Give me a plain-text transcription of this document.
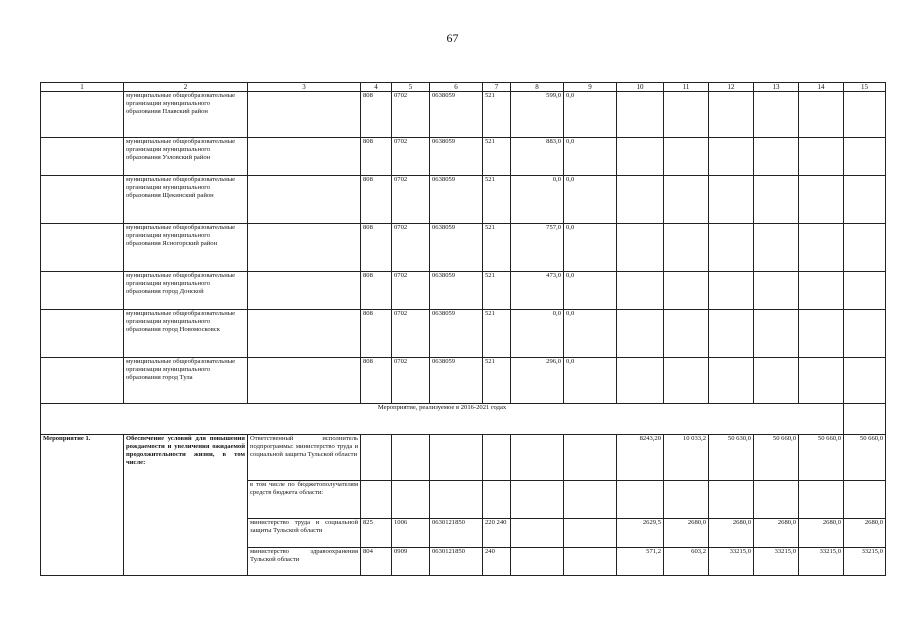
67
1	2	3	4	5	6	7	8	9	10	11	12	13	14	15
	муниципальные общеобразовательные организации муниципального образования Плавский район		808	0702	0638059	521	599,0	0,0						
	муниципальные общеобразовательные организации муниципального образования Узловский район		808	0702	0638059	521	883,0	0,0						
	муниципальные общеобразовательные организации муниципального образования Щекинский район		808	0702	0638059	521	0,0	0,0						
	муниципальные общеобразовательные организации муниципального образования Ясногорский район		808	0702	0638059	521	757,0	0,0						
	муниципальные общеобразовательные организации муниципального образования город Донской		808	0702	0638059	521	473,0	0,0						
	муниципальные общеобразовательные организации муниципального образования город Новомосковск		808	0702	0638059	521	0,0	0,0						
	муниципальные общеобразовательные организации муниципального образования город Тула		808	0702	0638059	521	296,0	0,0						
Мероприятие, реализуемое в 2016-2021 годах														
Мероприятие 1.	Обеспечение условий для повышения рождаемости и увеличения ожидаемой продолжительности жизни, в том числе:	Ответственный исполнитель подпрограммы: министерство труда и социальной защиты Тульской области							8243,20	10 033,2	50 630,0	50 660,0	50 660,0	50 660,0
		в том числе по бюджетополучателям средств бюджета области:												
		министерство труда и социальной защиты Тульской области	825	1006	0630121850	220 240			2629,5	2680,0	2680,0	2680,0	2680,0	2680,0
		министерство здравоохранения Тульской области	804	0909	0630121850	240			571,2	603,2	33215,0	33215,0	33215,0	33215,0
